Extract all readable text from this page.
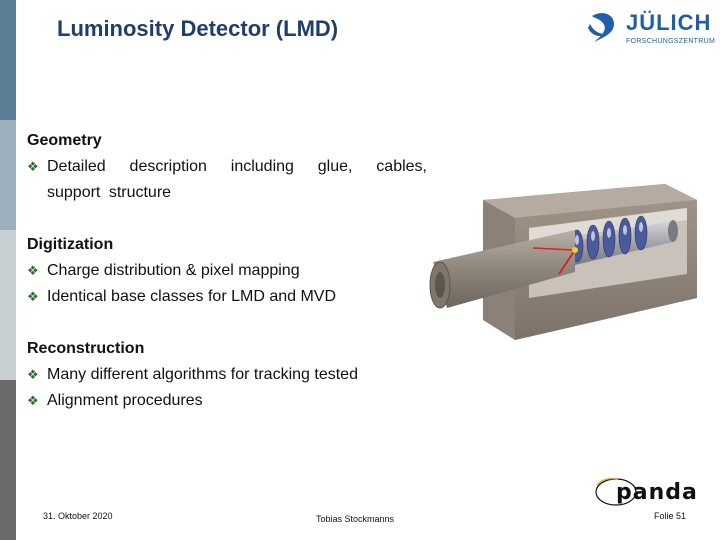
Luminosity Detector (LMD)	JÜLICH
FORSCHUNGSZENTRUM
Geometry
❖ Detailed description including glue, cables, support structure
Digitization
❖ Charge distribution & pixel mapping
❖ Identical base classes for LMD and MVD
Reconstruction
❖ Many different algorithms for tracking tested
❖ Alignment procedures
31. Oktober 2020	Tobias Stockmanns	Folie 51
panda
